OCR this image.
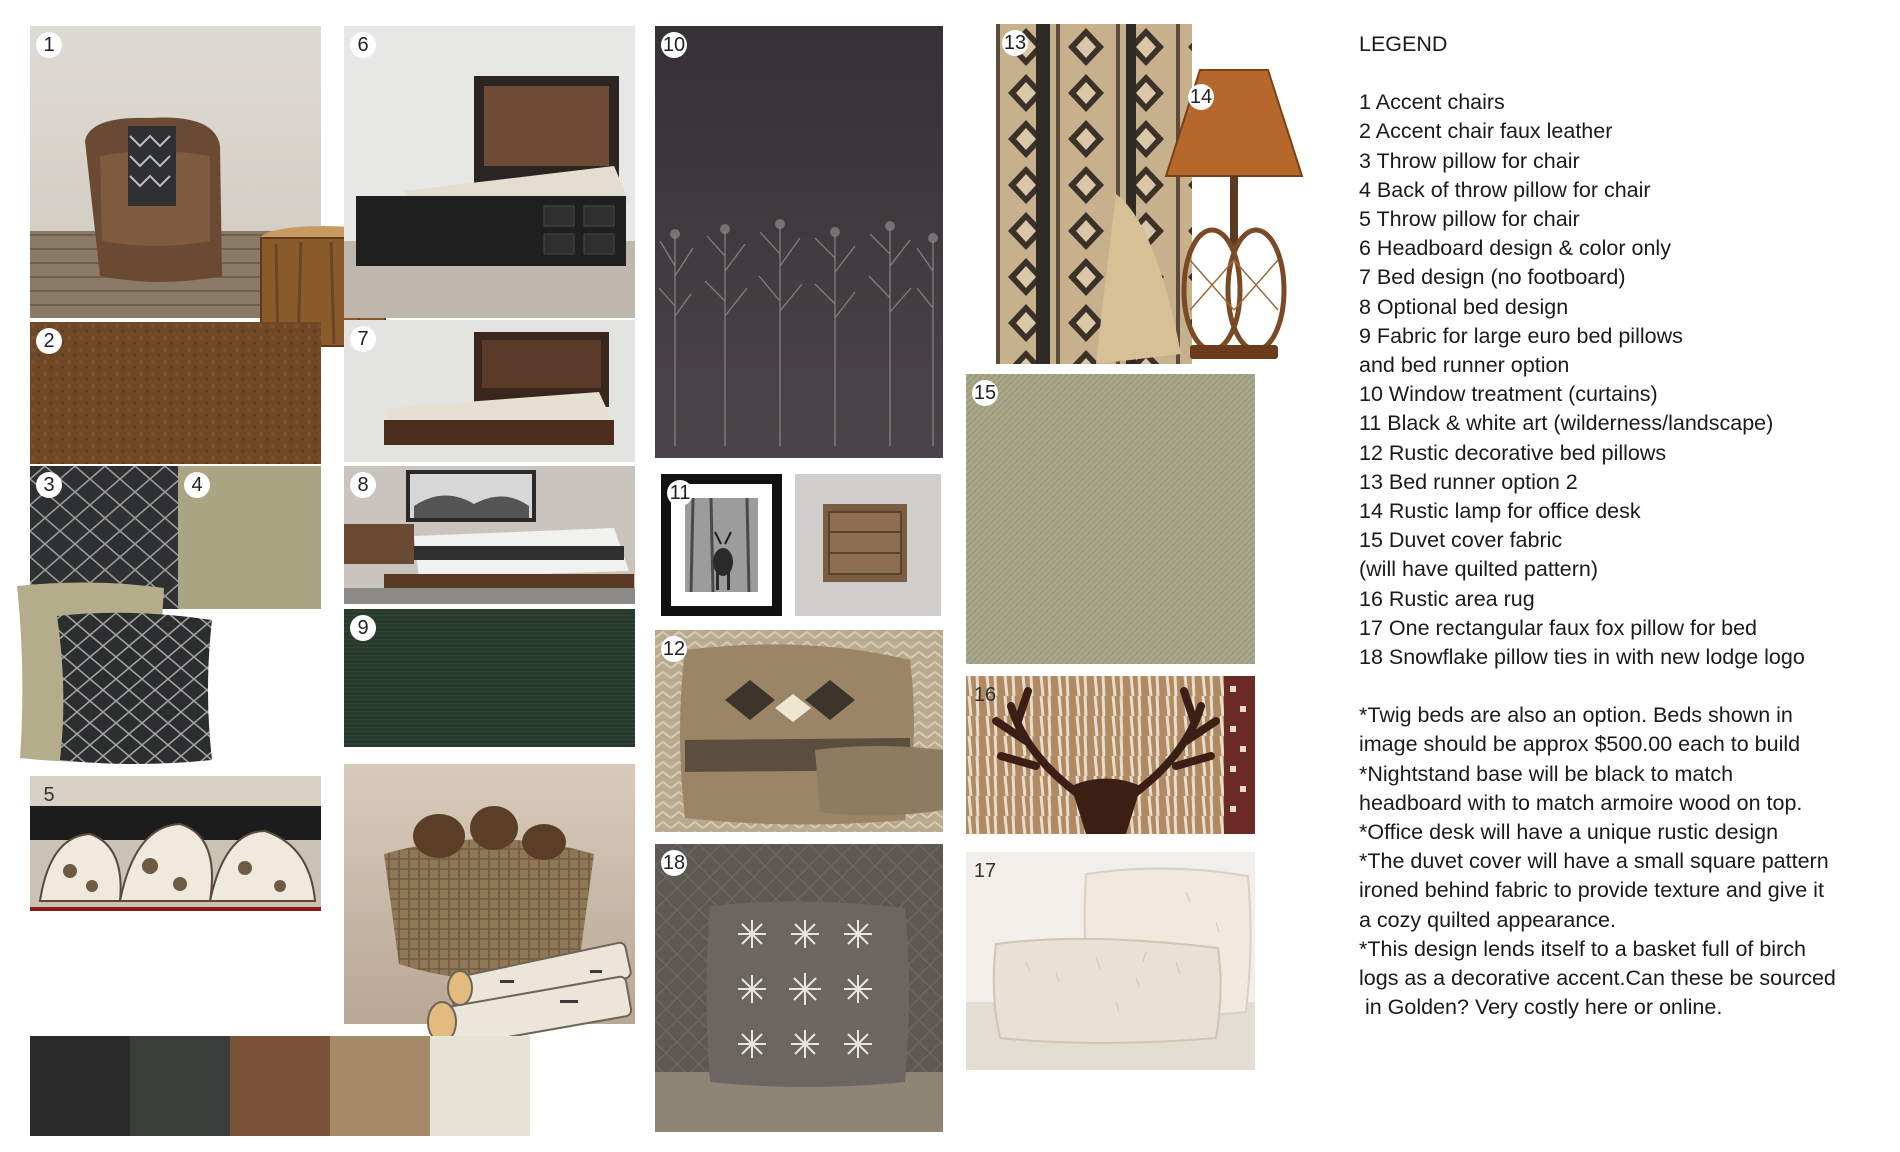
1
2
3	4
5
6
7
8
9
10
11
12
18
13
14
15
16
17
LEGEND
1 Accent chairs
2 Accent chair faux leather
3 Throw pillow for chair
4 Back of throw pillow for chair
5 Throw pillow for chair
6 Headboard design & color only
7 Bed design (no footboard)
8 Optional bed design
9 Fabric for large euro bed pillows
and bed runner option
10 Window treatment (curtains)
11 Black & white art (wilderness/landscape)
12 Rustic decorative bed pillows
13 Bed runner option 2
14 Rustic lamp for office desk
15 Duvet cover fabric
(will have quilted pattern)
16 Rustic area rug
17 One rectangular faux fox pillow for bed
18 Snowflake pillow ties in with new lodge logo
*Twig beds are also an option. Beds shown in
image should be approx $500.00 each to build
*Nightstand base will be black to match
headboard with to match armoire wood on top.
*Office desk will have a unique rustic design
*The duvet cover will have a small square pattern
ironed behind fabric to provide texture and give it
a cozy quilted appearance.
*This design lends itself to a basket full of birch
logs as a decorative accent.Can these be sourced
in Golden? Very costly here or online.
